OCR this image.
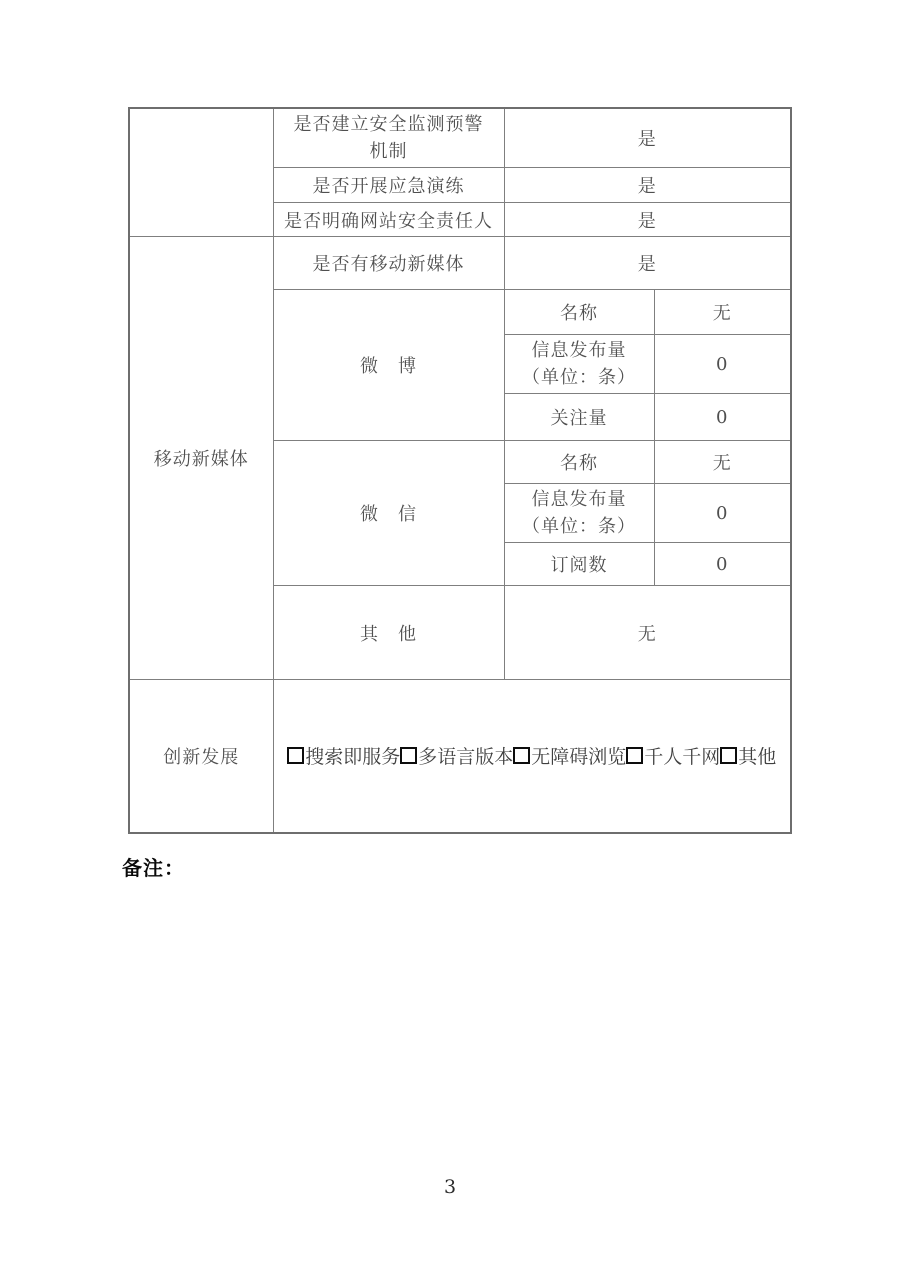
	是否建立安全监测预警
机制	是	
	是否开展应急演练	是	
	是否明确网站安全责任人	是	
移动新媒体	是否有移动新媒体	是	
	微　博	名称	无

		信息发布量
（单位：条）	0
		关注量	0
	微　信	名称	无

		信息发布量
（单位：条）	0
		订阅数	0
	其　他	无	
创新发展	搜索即服务 多语言版本 无障碍浏览 千人千网 其他		
备注：
3
